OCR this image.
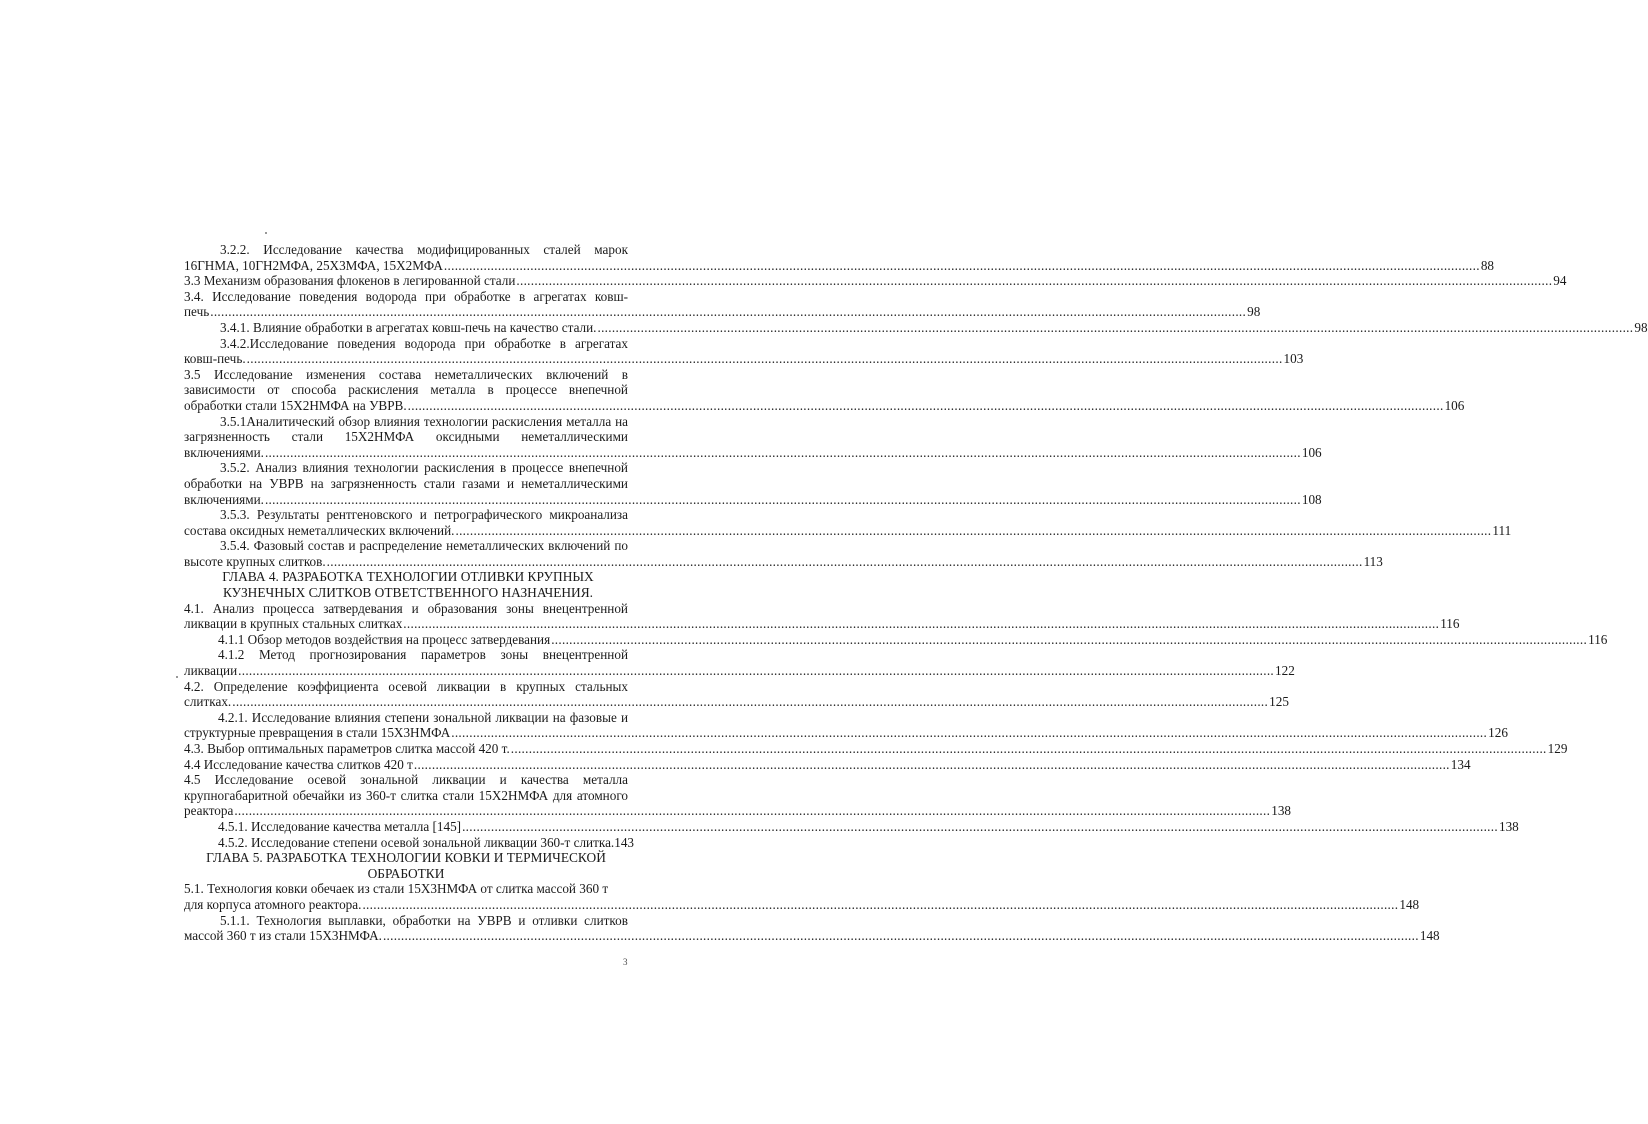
3.2.2. Исследование качества модифицированных сталей марок
16ГНМА, 10ГН2МФА, 25Х3МФА, 15Х2МФА .....	88
3.3 Механизм образования флокенов в легированной стали .....	94
3.4. Исследование поведения водорода при обработке в агрегатах ковш-
печь .....	98
3.4.1. Влияние обработки в агрегатах ковш-печь на качество стали. .....	98
3.4.2.Исследование поведения водорода при обработке в агрегатах
ковш-печь. .....	103
3.5 Исследование изменения состава неметаллических включений в
зависимости от способа раскисления металла в процессе внепечной
обработки стали 15Х2НМФА на УВРВ. .....	106
3.5.1Аналитический обзор влияния технологии раскисления металла на
загрязненность стали 15Х2НМФА оксидными неметаллическими
включениями. .....	106
3.5.2. Анализ влияния технологии раскисления в процессе внепечной
обработки на УВРВ на загрязненность стали газами и неметаллическими
включениями. .....	108
3.5.3. Результаты рентгеновского и петрографического микроанализа
состава оксидных неметаллических включений. .....	111
3.5.4. Фазовый состав и распределение неметаллических включений по
высоте крупных слитков. .....	113
ГЛАВА 4. РАЗРАБОТКА ТЕХНОЛОГИИ ОТЛИВКИ КРУПНЫХ
КУЗНЕЧНЫХ СЛИТКОВ ОТВЕТСТВЕННОГО НАЗНАЧЕНИЯ.
4.1. Анализ процесса затвердевания и образования зоны внецентренной
ликвации в крупных стальных слитках .....	116
4.1.1 Обзор методов воздействия на процесс затвердевания .....	116
4.1.2 Метод прогнозирования параметров зоны внецентренной
ликвации .....	122
4.2. Определение коэффициента осевой ликвации в крупных стальных
слитках. .....	125
4.2.1. Исследование влияния степени зональной ликвации на фазовые и
структурные превращения в стали 15Х3НМФА .....	126
4.3. Выбор оптимальных параметров слитка массой 420 т. .....	129
4.4 Исследование качества слитков 420 т .....	134
4.5 Исследование осевой зональной ликвации и качества металла
крупногабаритной обечайки из 360-т слитка стали 15Х2НМФА для атомного
реактора .....	138
4.5.1. Исследование качества металла [145] .....	138
4.5.2. Исследование степени осевой зональной ликвации 360-т слитка. 143
ГЛАВА 5. РАЗРАБОТКА ТЕХНОЛОГИИ КОВКИ И ТЕРМИЧЕСКОЙ
ОБРАБОТКИ
5.1. Технология ковки обечаек из стали 15Х3НМФА от слитка массой 360 т
для корпуса атомного реактора. .....	148
5.1.1. Технология выплавки, обработки на УВРВ и отливки слитков
массой 360 т из стали 15Х3НМФА. .....	148
3
